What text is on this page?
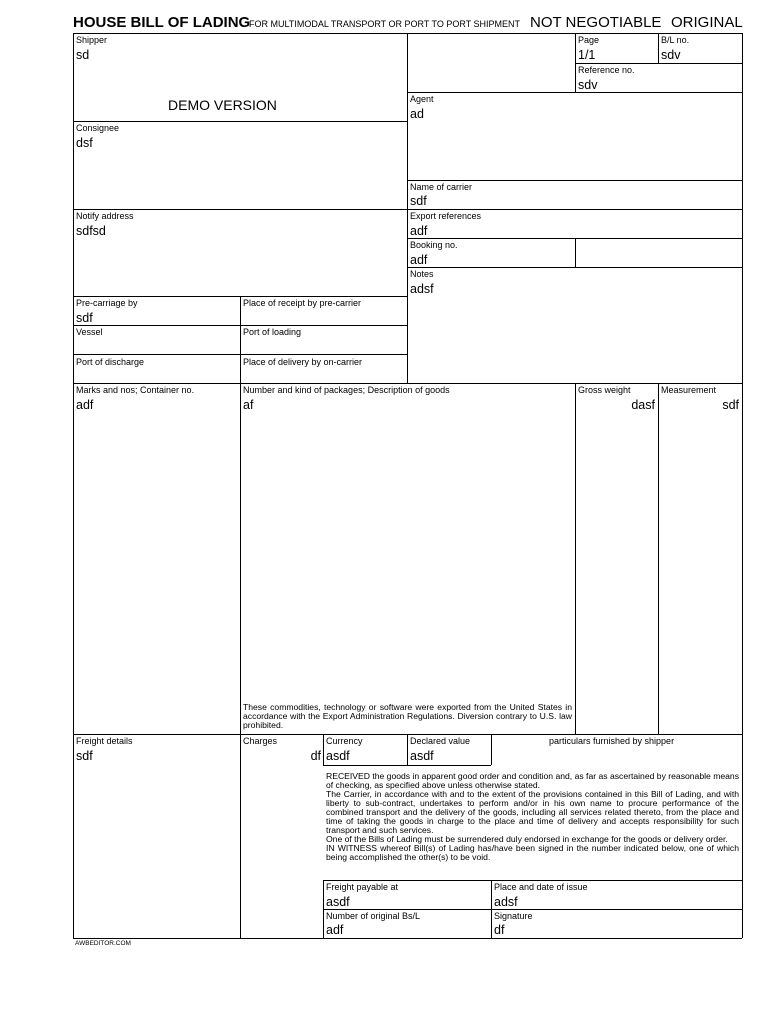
HOUSE BILL OF LADING
FOR MULTIMODAL TRANSPORT OR PORT TO PORT SHIPMENT NOT NEGOTIABLE ORIGINAL
Shipper
sd
Page
1/1
B/L no.
sdv
Reference no.
sdv
DEMO VERSION	Agent
ad
Consignee
dsf
Name of carrier
sdf
Notify address
sdfsd
Export references
adf
Booking no.
adf
Notes
adsf
Pre-carriage by
sdf
Place of receipt by pre-carrier
Vessel	Port of loading
Port of discharge	Place of delivery by on-carrier
Marks and nos; Container no.
adf
Number and kind of packages; Description of goods
af
Gross weight
dasf
Measurement
sdf
These commodities, technology or software were exported from the United States in accordance with the Export Administration Regulations. Diversion contrary to U.S. law prohibited.
Freight details
sdf
Charges
df
Currency
asdf
Declared value
asdf
particulars furnished by shipper
RECEIVED the goods in apparent good order and condition and, as far as ascertained by reasonable means of checking, as specified above unless otherwise stated.
The Carrier, in accordance with and to the extent of the provisions contained in this Bill of Lading, and with liberty to sub-contract, undertakes to perform and/or in his own name to procure performance of the combined transport and the delivery of the goods, including all services related thereto, from the place and time of taking the goods in charge to the place and time of delivery and accepts responsibility for such transport and such services.
One of the Bills of Lading must be surrendered duly endorsed in exchange for the goods or delivery order.
IN WITNESS whereof Bill(s) of Lading has/have been signed in the number indicated below, one of which being accomplished the other(s) to be void.
Freight payable at
asdf
Place and date of issue
adsf
Number of original Bs/L
adf
Signature
df
AWBEDITOR.COM
